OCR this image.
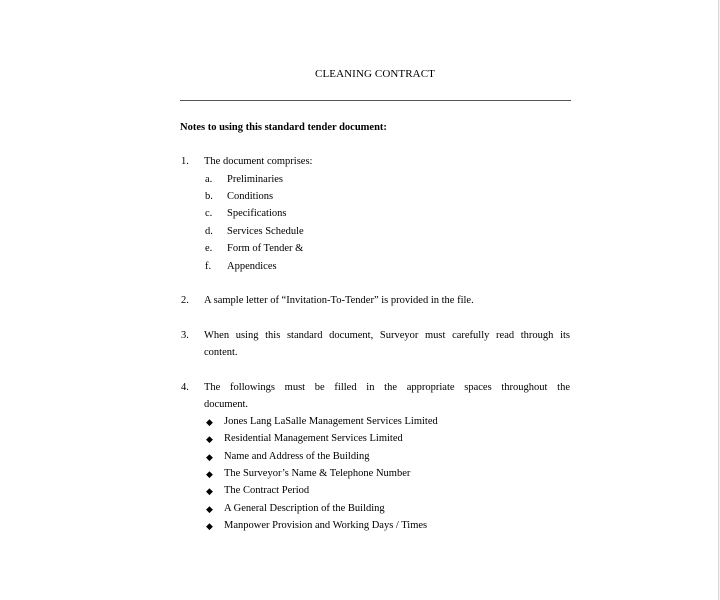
CLEANING CONTRACT
Notes to using this standard tender document:
1. The document comprises:
a. Preliminaries
b. Conditions
c. Specifications
d. Services Schedule
e. Form of Tender &
f. Appendices
2. A sample letter of “Invitation-To-Tender” is provided in the file.
3. When using this standard document, Surveyor must carefully read through its
content.
4. The followings must be filled in the appropriate spaces throughout the
document.
◆ Jones Lang LaSalle Management Services Limited
◆ Residential Management Services Limited
◆ Name and Address of the Building
◆ The Surveyor’s Name & Telephone Number
◆ The Contract Period
◆ A General Description of the Building
◆ Manpower Provision and Working Days / Times
